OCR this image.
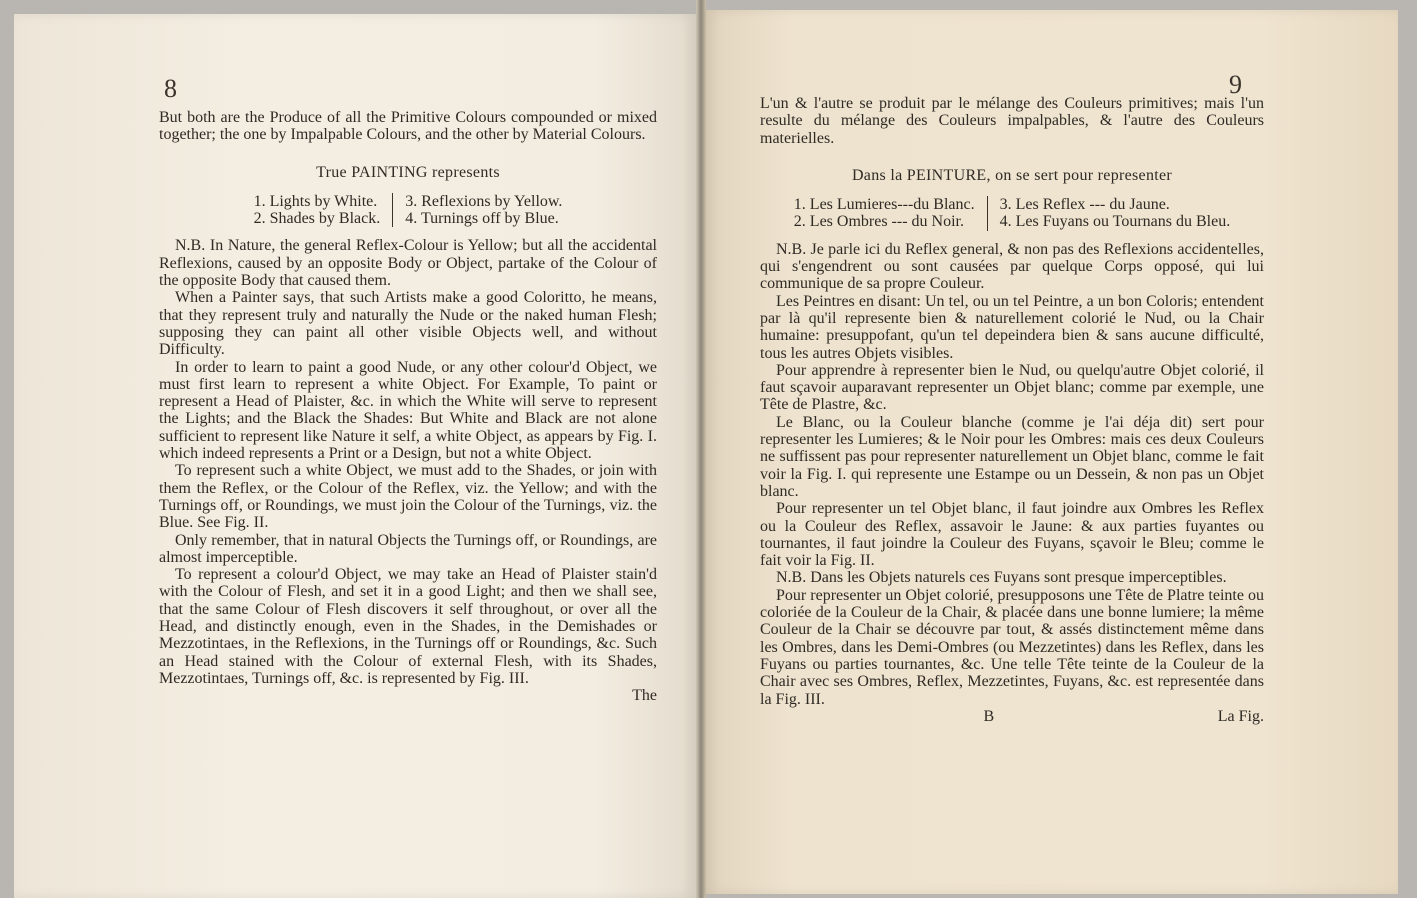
8

But both are the Produce of all the Primitive Colours compounded or mixed together; the one by Impalpable Colours, and the other by Material Colours.

True PAINTING represents

1. Lights by White.
2. Shades by Black.
3. Reflexions by Yellow.
4. Turnings off by Blue.

N.B. In Nature, the general Reflex-Colour is Yellow; but all the accidental Reflexions, caused by an opposite Body or Object, partake of the Colour of the opposite Body that caused them.

When a Painter says, that such Artists make a good Coloritto, he means, that they represent truly and naturally the Nude or the naked human Flesh; supposing they can paint all other visible Objects well, and without Difficulty.

In order to learn to paint a good Nude, or any other colour'd Object, we must first learn to represent a white Object. For Example, To paint or represent a Head of Plaister, &c. in which the White will serve to represent the Lights; and the Black the Shades: But White and Black are not alone sufficient to represent like Nature it self, a white Object, as appears by Fig. I. which indeed represents a Print or a Design, but not a white Object.

To represent such a white Object, we must add to the Shades, or join with them the Reflex, or the Colour of the Reflex, viz. the Yellow; and with the Turnings off, or Roundings, we must join the Colour of the Turnings, viz. the Blue. See Fig. II.

Only remember, that in natural Objects the Turnings off, or Roundings, are almost imperceptible.

To represent a colour'd Object, we may take an Head of Plaister stain'd with the Colour of Flesh, and set it in a good Light; and then we shall see, that the same Colour of Flesh discovers it self throughout, or over all the Head, and distinctly enough, even in the Shades, in the Demishades or Mezzotintaes, in the Reflexions, in the Turnings off or Roundings, &c. Such an Head stained with the Colour of external Flesh, with its Shades, Mezzotintaes, Turnings off, &c. is represented by Fig. III.

The
9

L'un & l'autre se produit par le mélange des Couleurs primitives; mais l'un resulte du mélange des Couleurs impalpables, & l'autre des Couleurs materielles.

Dans la PEINTURE, on se sert pour representer

1. Les Lumieres---du Blanc.
2. Les Ombres --- du Noir.
3. Les Reflex --- du Jaune.
4. Les Fuyans ou Tournans du Bleu.

N.B. Je parle ici du Reflex general, & non pas des Reflexions accidentelles, qui s'engendrent ou sont causées par quelque Corps opposé, qui lui communique de sa propre Couleur.

Les Peintres en disant: Un tel, ou un tel Peintre, a un bon Coloris; entendent par là qu'il represente bien & naturellement colorié le Nud, ou la Chair humaine: presuppofant, qu'un tel depeindera bien & sans aucune difficulté, tous les autres Objets visibles.

Pour apprendre à representer bien le Nud, ou quelqu'autre Objet colorié, il faut sçavoir auparavant representer un Objet blanc; comme par exemple, une Tête de Plastre, &c.

Le Blanc, ou la Couleur blanche (comme je l'ai déja dit) sert pour representer les Lumieres; & le Noir pour les Ombres: mais ces deux Couleurs ne suffissent pas pour representer naturellement un Objet blanc, comme le fait voir la Fig. I. qui represente une Estampe ou un Dessein, & non pas un Objet blanc.

Pour representer un tel Objet blanc, il faut joindre aux Ombres les Reflex ou la Couleur des Reflex, assavoir le Jaune: & aux parties fuyantes ou tournantes, il faut joindre la Couleur des Fuyans, sçavoir le Bleu; comme le fait voir la Fig. II.

N.B. Dans les Objets naturels ces Fuyans sont presque imperceptibles.

Pour representer un Objet colorié, presupposons une Tête de Platre teinte ou coloriée de la Couleur de la Chair, & placée dans une bonne lumiere; la même Couleur de la Chair se découvre par tout, & assés distinctement même dans les Ombres, dans les Demi-Ombres (ou Mezzetintes) dans les Reflex, dans les Fuyans ou parties tournantes, &c. Une telle Tête teinte de la Couleur de la Chair avec ses Ombres, Reflex, Mezzetintes, Fuyans, &c. est representée dans la Fig. III.

B	La Fig.
